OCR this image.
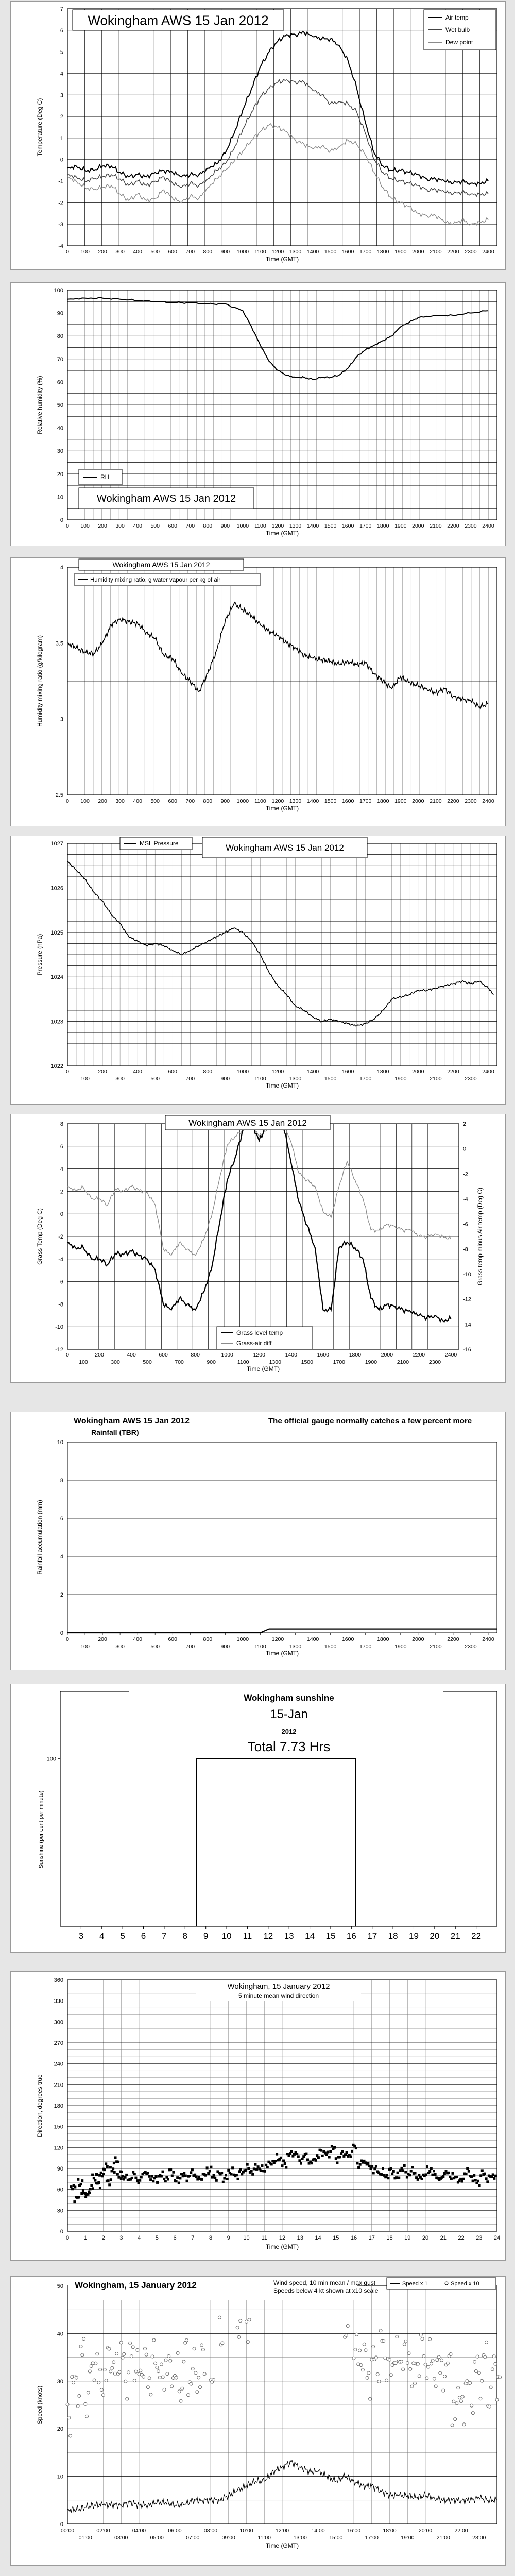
-4
-3
-2
-1
0
1
2
3
4
5
6
7
0 100 200 300 400 500 600 700 800 900 1000 1100 1200 1300 1400 1500 1600 1700 1800 1900 2000 2100 2200 2300 2400
Time (GMT)
Temperature (Deg C)
Wokingham AWS 15 Jan 2012	Air temp
Wet bulb
Dew point
0
10
20
30
40
50
60
70
80
90
100
0 100 200 300 400 500 600 700 800 900 1000 1100 1200 1300 1400 1500 1600 1700 1800 1900 2000 2100 2200 2300 2400
Time (GMT)
Relative humidity (%)
RH
Wokingham AWS 15 Jan 2012
2.5
3
3.5
4
0 100 200 300 400 500 600 700 800 900 1000 1100 1200 1300 1400 1500 1600 1700 1800 1900 2000 2100 2200 2300 2400
Time (GMT)
Humidity mixing ratio (g/kilogram)
Wokingham AWS 15 Jan 2012
Humidity mixing ratio, g water vapour per kg of air
1022
1023
1024
1025
1026
1027
0	200	400	600	800	1000	1200	1400	1600	1800	2000	2200	2400
100	300	500	700	900	1100	1300	1500	1700	1900	2100	2300
Time (GMT)
Pressure (hPa)
MSL Pressure	Wokingham AWS 15 Jan 2012
-12
-10
-8
-6
-4
-2
0
2
4
6
8
-16
-14
-12
-10
-8
-6
-4
-2
0
2
0	200	400	600	800	1000	1200	1400	1600	1800	2000	2200	2400
100	300	500	700	900	1100	1300	1500	1700	1900	2100	2300
Time (GMT)
Grass Temp (Deg C)	Grass temp minus Air temp (Deg C)
Wokingham AWS 15 Jan 2012
Grass level temp
Grass-air diff
0
2
4
6
8
10
0	200	400	600	800	1000	1200	1400	1600	1800	2000	2200	2400
100	300	500	700	900	1100	1300	1500	1700	1900	2100	2300
Time (GMT)
Rainfall accumulation (mm)
Wokingham AWS 15 Jan 2012
Rainfall (TBR)
The official gauge normally catches a few percent more
3 4 5 6 7 8 9 10 11 12 13 14 15 16 17 18 19 20 21 22
100
Sunshine (per cent per minute)
Wokingham sunshine
15-Jan
2012
Total 7.73 Hrs
0
30
60
90
120
150
180
210
240
270
300
330
360
0	1	2	3	4	5	6	7	8	9 10 11 12 13 14 15 16 17 18 19 20 21 22 23 24
Time (GMT)
Direction, degrees true
Wokingham, 15 January 2012
5 minute mean wind direction
0
10
20
30
40
50
00:00	02:00	04:00	06:00	08:00	10:00	12:00	14:00	16:00	18:00	20:00	22:00
01:00	03:00	05:00	07:00	09:00	11:00	13:00	15:00	17:00	19:00	21:00	23:00
Time (GMT)
Speed (knots)
Wokingham, 15 January 2012	Wind speed, 10 min mean / max gust
Speeds below 4 kt shown at x10 scale
Speed x 1	Speed x 10
